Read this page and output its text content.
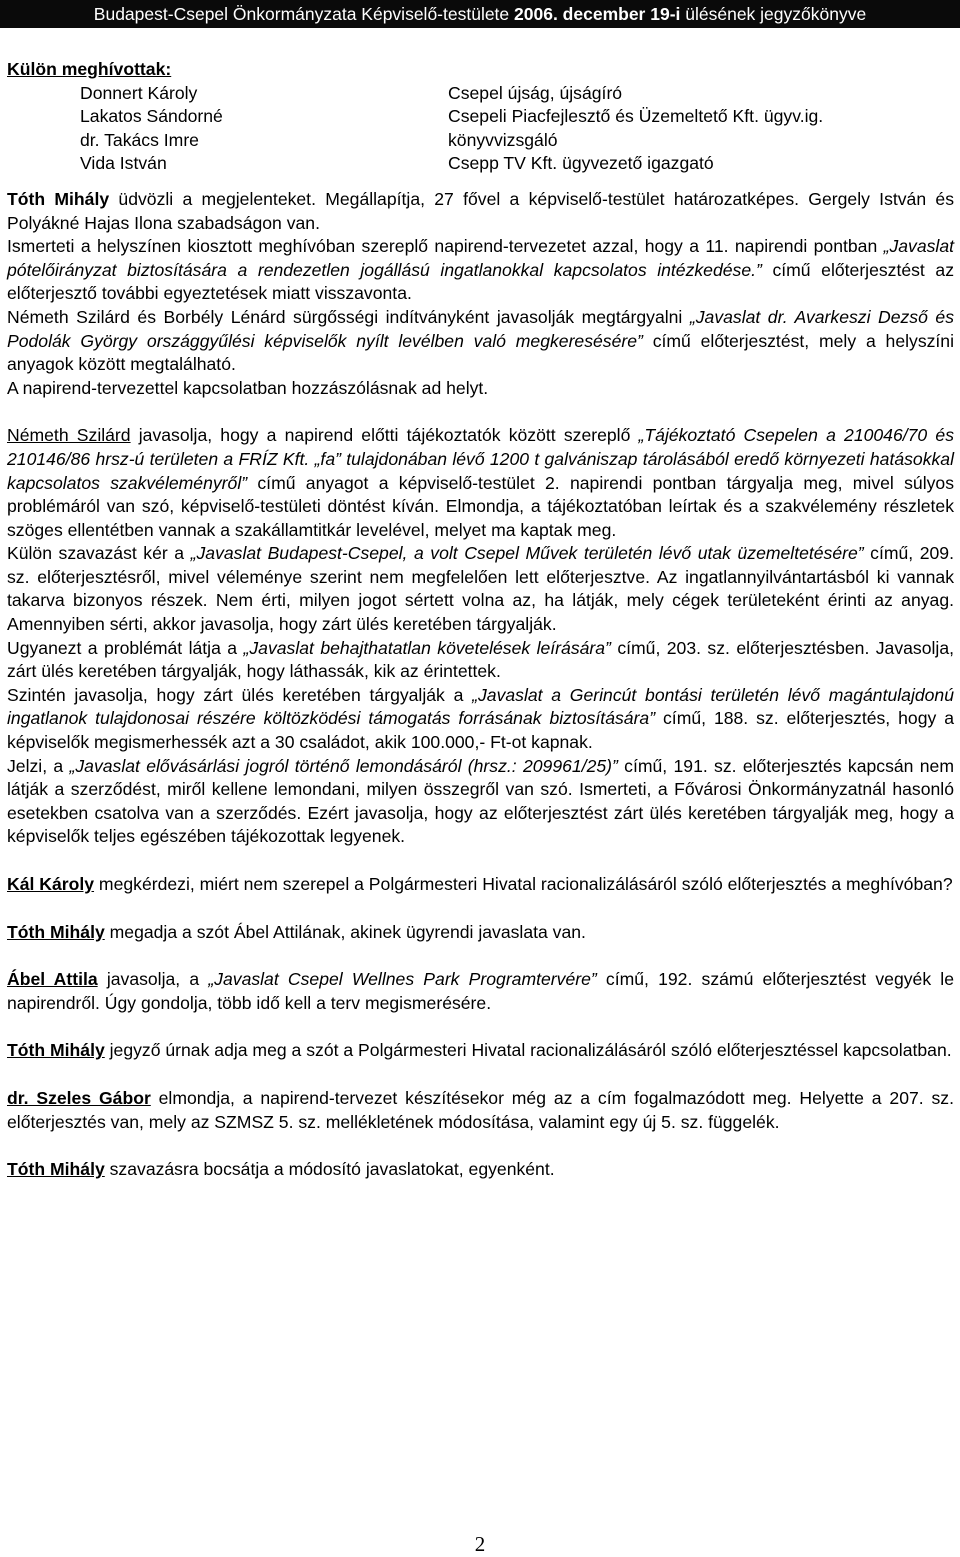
Budapest-Csepel Önkormányzata Képviselő-testülete 2006. december 19-i ülésének jegyzőkönyve

Külön meghívottak:

Donnert Károly	Csepel újság, újságíró
Lakatos Sándorné	Csepeli Piacfejlesztő és Üzemeltető Kft. ügyv.ig.
dr. Takács Imre	könyvvizsgáló
Vida István	Csepp TV Kft. ügyvezető igazgató

Tóth Mihály üdvözli a megjelenteket. Megállapítja, 27 fővel a képviselő-testület határozatképes. Gergely István és Polyákné Hajas Ilona szabadságon van.

Ismerteti a helyszínen kiosztott meghívóban szereplő napirend-tervezetet azzal, hogy a 11. napirendi pontban „Javaslat pótelőirányzat biztosítására a rendezetlen jogállású ingatlanokkal kapcsolatos intézkedése.” című előterjesztést az előterjesztő további egyeztetések miatt visszavonta.

Németh Szilárd és Borbély Lénárd sürgősségi indítványként javasolják megtárgyalni „Javaslat dr. Avarkeszi Dezső és Podolák György országgyűlési képviselők nyílt levélben való megkeresésére” című előterjesztést, mely a helyszíni anyagok között megtalálható.

A napirend-tervezettel kapcsolatban hozzászólásnak ad helyt.

Németh Szilárd javasolja, hogy a napirend előtti tájékoztatók között szereplő „Tájékoztató Csepelen a 210046/70 és 210146/86 hrsz-ú területen a FRÍZ Kft. „fa” tulajdonában lévő 1200 t galvániszap tárolásából eredő környezeti hatásokkal kapcsolatos szakvéleményről” című anyagot a képviselő-testület 2. napirendi pontban tárgyalja meg, mivel súlyos problémáról van szó, képviselő-testületi döntést kíván. Elmondja, a tájékoztatóban leírtak és a szakvélemény részletek szöges ellentétben vannak a szakállamtitkár levelével, melyet ma kaptak meg.

Külön szavazást kér a „Javaslat Budapest-Csepel, a volt Csepel Művek területén lévő utak üzemeltetésére” című, 209. sz. előterjesztésről, mivel véleménye szerint nem megfelelően lett előterjesztve. Az ingatlannyilvántartásból ki vannak takarva bizonyos részek. Nem érti, milyen jogot sértett volna az, ha látják, mely cégek területeként érinti az anyag. Amennyiben sérti, akkor javasolja, hogy zárt ülés keretében tárgyalják.

Ugyanezt a problémát látja a „Javaslat behajthatatlan követelések leírására” című, 203. sz. előterjesztésben. Javasolja, zárt ülés keretében tárgyalják, hogy láthassák, kik az érintettek.

Szintén javasolja, hogy zárt ülés keretében tárgyalják a „Javaslat a Gerincút bontási területén lévő magántulajdonú ingatlanok tulajdonosai részére költözködési támogatás forrásának biztosítására” című, 188. sz. előterjesztés, hogy a képviselők megismerhessék azt a 30 családot, akik 100.000,- Ft-ot kapnak.

Jelzi, a „Javaslat elővásárlási jogról történő lemondásáról (hrsz.: 209961/25)” című, 191. sz. előterjesztés kapcsán nem látják a szerződést, miről kellene lemondani, milyen összegről van szó. Ismerteti, a Fővárosi Önkormányzatnál hasonló esetekben csatolva van a szerződés. Ezért javasolja, hogy az előterjesztést zárt ülés keretében tárgyalják meg, hogy a képviselők teljes egészében tájékozottak legyenek.

Kál Károly megkérdezi, miért nem szerepel a Polgármesteri Hivatal racionalizálásáról szóló előterjesztés a meghívóban?

Tóth Mihály megadja a szót Ábel Attilának, akinek ügyrendi javaslata van.

Ábel Attila javasolja, a „Javaslat Csepel Wellnes Park Programtervére” című, 192. számú előterjesztést vegyék le napirendről. Úgy gondolja, több idő kell a terv megismerésére.

Tóth Mihály jegyző úrnak adja meg a szót a Polgármesteri Hivatal racionalizálásáról szóló előterjesztéssel kapcsolatban.

dr. Szeles Gábor elmondja, a napirend-tervezet készítésekor még az a cím fogalmazódott meg. Helyette a 207. sz. előterjesztés van, mely az SZMSZ 5. sz. mellékletének módosítása, valamint egy új 5. sz. függelék.

Tóth Mihály szavazásra bocsátja a módosító javaslatokat, egyenként.

2
